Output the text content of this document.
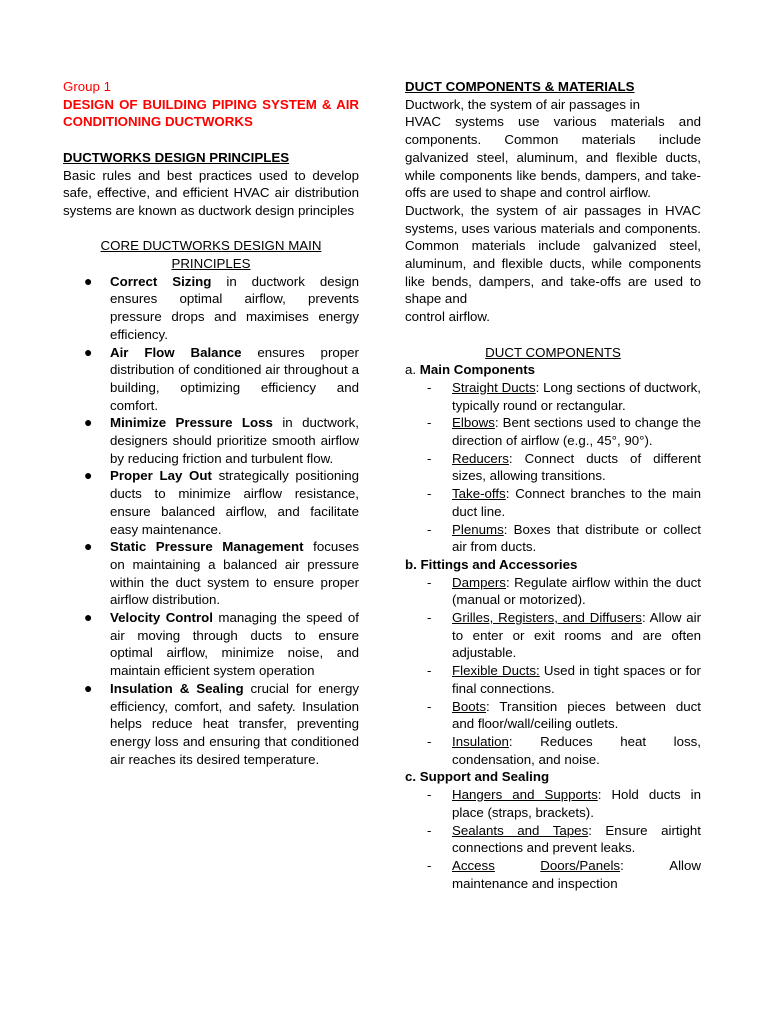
Group 1

DESIGN OF BUILDING PIPING SYSTEM & AIR CONDITIONING DUCTWORKS

DUCTWORKS DESIGN PRINCIPLES

Basic rules and best practices used to develop safe, effective, and efficient HVAC air distribution systems are known as ductwork design principles

CORE DUCTWORKS DESIGN MAIN
PRINCIPLES

● Correct Sizing in ductwork design ensures optimal airflow, prevents pressure drops and maximises energy efficiency.
● Air Flow Balance ensures proper distribution of conditioned air throughout a building, optimizing efficiency and comfort.
● Minimize Pressure Loss in ductwork, designers should prioritize smooth airflow by reducing friction and turbulent flow.
● Proper Lay Out strategically positioning ducts to minimize airflow resistance, ensure balanced airflow, and facilitate easy maintenance.
● Static Pressure Management focuses on maintaining a balanced air pressure within the duct system to ensure proper airflow distribution.
● Velocity Control managing the speed of air moving through ducts to ensure optimal airflow, minimize noise, and maintain efficient system operation
● Insulation & Sealing crucial for energy efficiency, comfort, and safety. Insulation helps reduce heat transfer, preventing energy loss and ensuring that conditioned air reaches its desired temperature.

DUCT COMPONENTS & MATERIALS

Ductwork, the system of air passages in

HVAC systems use various materials and components. Common materials include galvanized steel, aluminum, and flexible ducts, while components like bends, dampers, and take-offs are used to shape and control airflow.

Ductwork, the system of air passages in HVAC systems, uses various materials and components. Common materials include galvanized steel, aluminum, and flexible ducts, while components like bends, dampers, and take-offs are used to shape and

control airflow.

DUCT COMPONENTS

a. Main Components

- Straight Ducts: Long sections of ductwork, typically round or rectangular.
- Elbows: Bent sections used to change the direction of airflow (e.g., 45°, 90°).
- Reducers: Connect ducts of different sizes, allowing transitions.
- Take-offs: Connect branches to the main duct line.
- Plenums: Boxes that distribute or collect air from ducts.

b. Fittings and Accessories

- Dampers: Regulate airflow within the duct (manual or motorized).
- Grilles, Registers, and Diffusers: Allow air to enter or exit rooms and are often adjustable.
- Flexible Ducts: Used in tight spaces or for final connections.
- Boots: Transition pieces between duct and floor/wall/ceiling outlets.
- Insulation: Reduces heat loss, condensation, and noise.

c. Support and Sealing

- Hangers and Supports: Hold ducts in place (straps, brackets).
- Sealants and Tapes: Ensure airtight connections and prevent leaks.
- Access	Doors/Panels:	Allow
maintenance and inspection
